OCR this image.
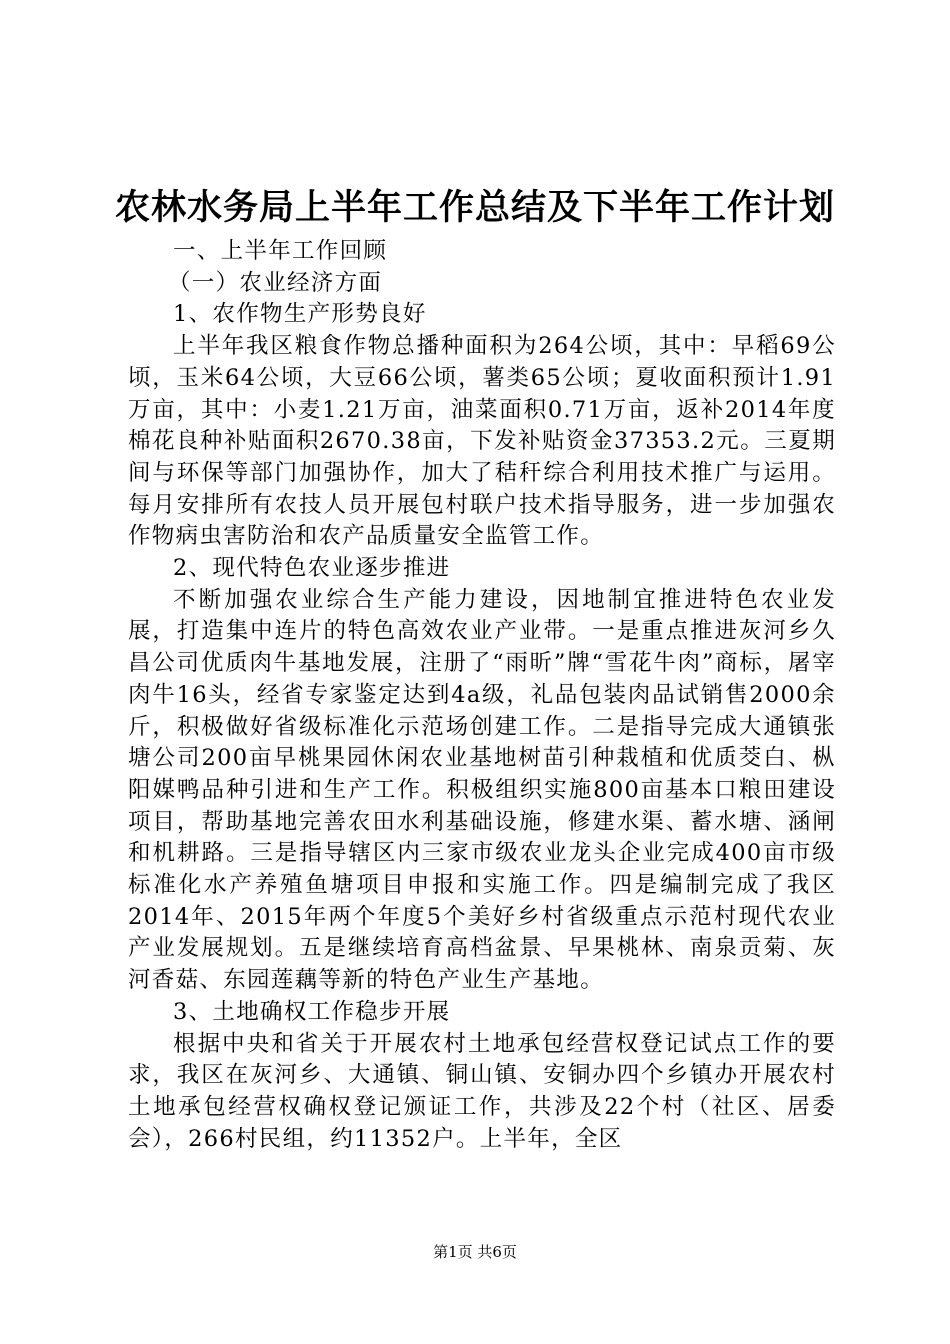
农林水务局上半年工作总结及下半年工作计划

一、上半年工作回顾

（一）农业经济方面

1、农作物生产形势良好

上半年我区粮食作物总播种面积为264公顷，其中：早稻69公顷，玉米64公顷，大豆66公顷，薯类65公顷；夏收面积预计1.91万亩，其中：小麦1.21万亩，油菜面积0.71万亩，返补2014年度棉花良种补贴面积2670.38亩，下发补贴资金37353.2元。三夏期间与环保等部门加强协作，加大了秸秆综合利用技术推广与运用。每月安排所有农技人员开展包村联户技术指导服务，进一步加强农作物病虫害防治和农产品质量安全监管工作。

2、现代特色农业逐步推进

不断加强农业综合生产能力建设，因地制宜推进特色农业发展，打造集中连片的特色高效农业产业带。一是重点推进灰河乡久昌公司优质肉牛基地发展，注册了“雨昕”牌“雪花牛肉”商标，屠宰肉牛16头，经省专家鉴定达到4a级，礼品包装肉品试销售2000余斤，积极做好省级标准化示范场创建工作。二是指导完成大通镇张塘公司200亩早桃果园休闲农业基地树苗引种栽植和优质茭白、枞阳媒鸭品种引进和生产工作。积极组织实施800亩基本口粮田建设项目，帮助基地完善农田水利基础设施，修建水渠、蓄水塘、涵闸和机耕路。三是指导辖区内三家市级农业龙头企业完成400亩市级标准化水产养殖鱼塘项目申报和实施工作。四是编制完成了我区2014年、2015年两个年度5个美好乡村省级重点示范村现代农业产业发展规划。五是继续培育高档盆景、早果桃林、南泉贡菊、灰河香菇、东园莲藕等新的特色产业生产基地。

3、土地确权工作稳步开展

根据中央和省关于开展农村土地承包经营权登记试点工作的要求，我区在灰河乡、大通镇、铜山镇、安铜办四个乡镇办开展农村土地承包经营权确权登记颁证工作，共涉及22个村（社区、居委会），266村民组，约11352户。上半年，全区

第1页 共6页
